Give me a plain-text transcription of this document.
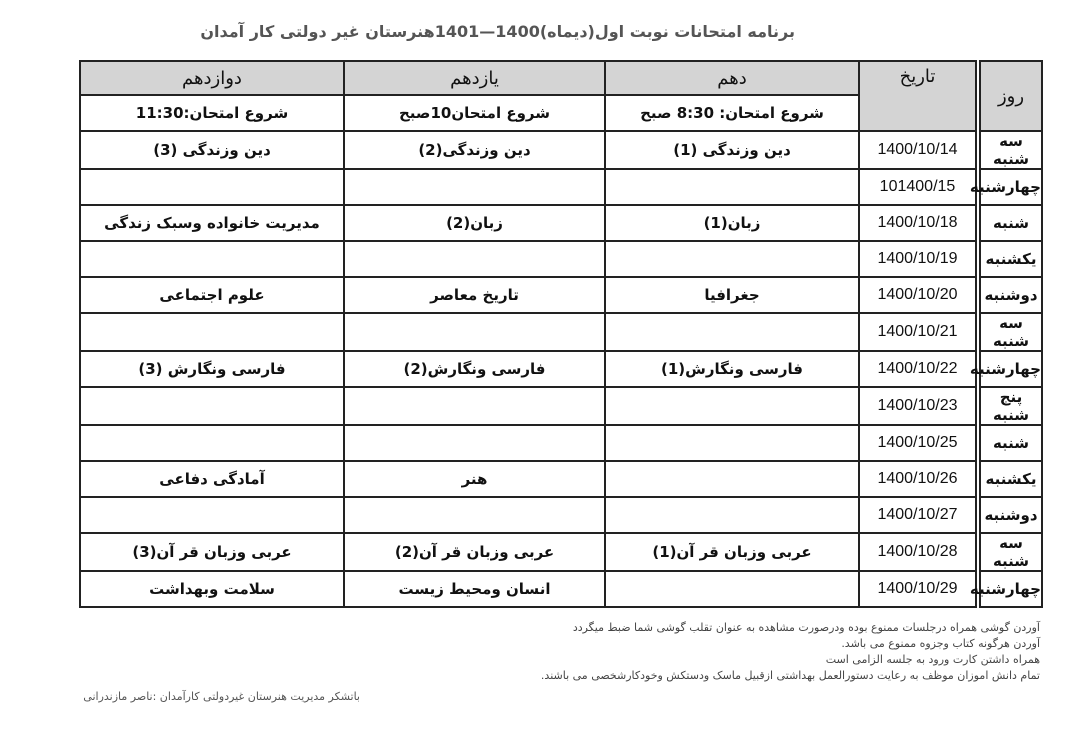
برنامه امتحانات نوبت اول(دیماه)1400—1401هنرستان غیر دولتی کار آمدان
روز		تاریخ	دهم	یازدهم	دوازدهم
			شروع امتحان: 8:30 صبح	شروع امتحان10صبح	شروع امتحان:11:30
سه شنبه		1400/10/14	دین وزندگی (1)	دین وزندگی(2)	دین وزندگی (3)
چهارشنبه		101400/15			
شنبه		1400/10/18	زبان(1)	زبان(2)	مدیریت خانواده وسبک زندگی
یکشنبه		1400/10/19			
دوشنبه		1400/10/20	جغرافیا	تاریخ معاصر	علوم اجتماعی
سه شنبه		1400/10/21			
چهارشنبه		1400/10/22	فارسی ونگارش(1)	فارسی ونگارش(2)	فارسی ونگارش (3)
پنج شنبه		1400/10/23			
شنبه		1400/10/25			
یکشنبه		1400/10/26		هنر	آمادگی دفاعی
دوشنبه		1400/10/27			
سه شنبه		1400/10/28	عربی وزبان قر آن(1)	عربی وزبان قر آن(2)	عربی وزبان قر آن(3)
چهارشنبه		1400/10/29		انسان ومحیط زیست	سلامت وبهداشت
آوردن گوشی همراه درجلسات ممنوع بوده ودرصورت مشاهده به عنوان تقلب گوشی شما ضبط میگردد
آوردن هرگونه کتاب وجزوه ممنوع می باشد.
همراه داشتن کارت ورود به جلسه الزامی است
تمام دانش اموزان موظف به رعایت دستورالعمل بهداشتی ازقبیل ماسک ودستکش وخودکارشخصی می باشند.
باتشکر مدیریت هنرستان غیردولتی کارآمدان :ناصر مازندرانی
